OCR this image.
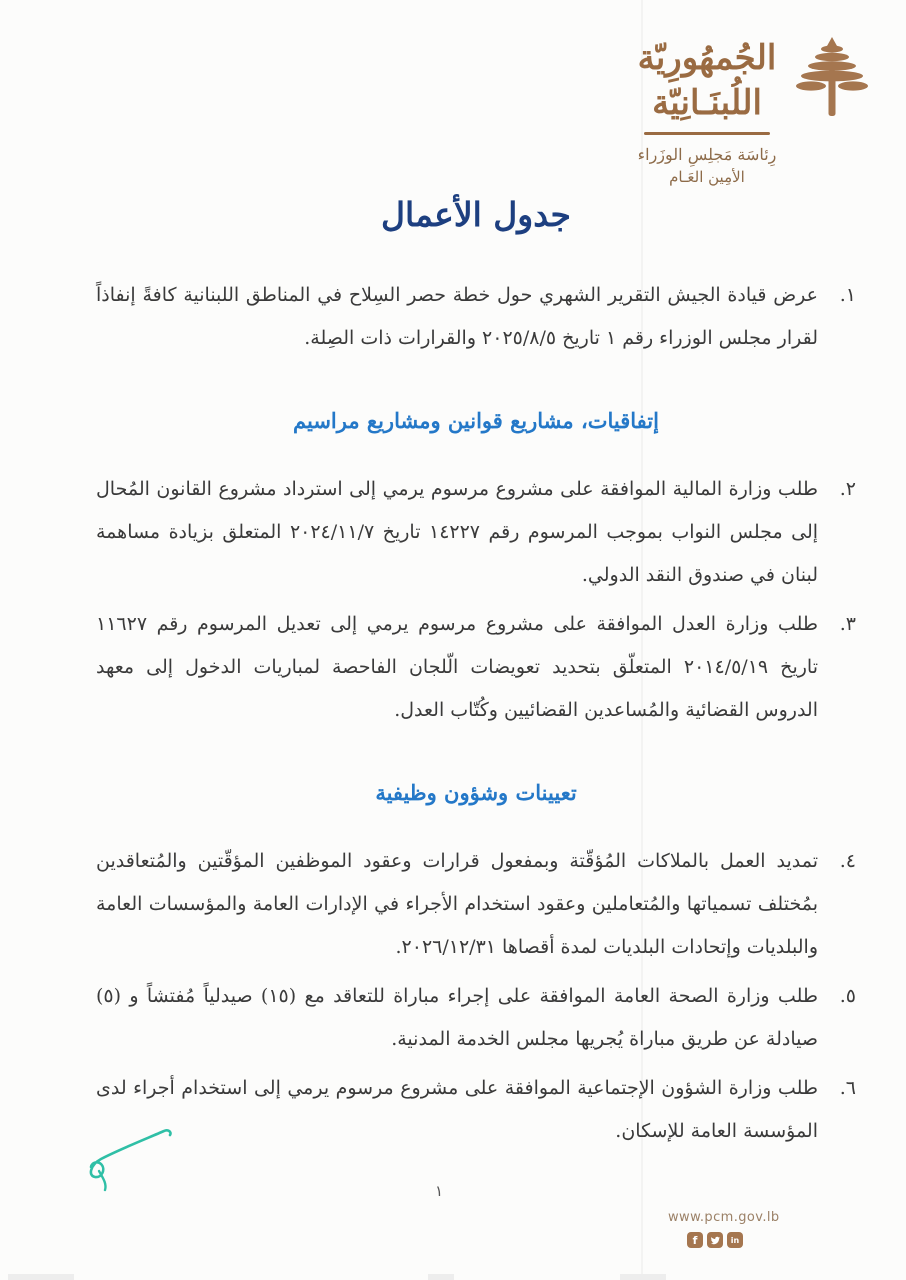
الجُمهُورِيّة
اللُبنَـانِيّة
رِئاسَة مَجلِسِ الوزَراء
الأمِين العَـام
جدول الأعمال
١.

عرض قيادة الجيش التقرير الشهري حول خطة حصر السِلاح في المناطق اللبنانية كافةً إنفاذاً لقرار مجلس الوزراء رقم ١ تاريخ ٢٠٢٥/٨/٥ والقرارات ذات الصِلة.

إتفاقيات، مشاريع قوانين ومشاريع مراسيم
٢.

طلب وزارة المالية الموافقة على مشروع مرسوم يرمي إلى استرداد مشروع القانون المُحال إلى مجلس النواب بموجب المرسوم رقم ١٤٢٢٧ تاريخ ٢٠٢٤/١١/٧ المتعلق بزيادة مساهمة لبنان في صندوق النقد الدولي.

٣.

طلب وزارة العدل الموافقة على مشروع مرسوم يرمي إلى تعديل المرسوم رقم ١١٦٢٧ تاريخ ٢٠١٤/٥/١٩ المتعلّق بتحديد تعويضات الّلجان الفاحصة لمباريات الدخول إلى معهد الدروس القضائية والمُساعدين القضائيين وكُتّاب العدل.

تعيينات وشؤون وظيفية
٤.

تمديد العمل بالملاكات المُؤقّتة وبمفعول قرارات وعقود الموظفين المؤقّتين والمُتعاقدين بمُختلف تسمياتها والمُتعاملين وعقود استخدام الأجراء في الإدارات العامة والمؤسسات العامة والبلديات وإتحادات البلديات لمدة أقصاها ٢٠٢٦/١٢/٣١.

٥.

طلب وزارة الصحة العامة الموافقة على إجراء مباراة للتعاقد مع (١٥) صيدلياً مُفتشاً و (٥) صيادلة عن طريق مباراة يُجريها مجلس الخدمة المدنية.

٦.

طلب وزارة الشؤون الإجتماعية الموافقة على مشروع مرسوم يرمي إلى استخدام أجراء لدى المؤسسة العامة للإسكان.

١
www.pcm.gov.lb
f	in
